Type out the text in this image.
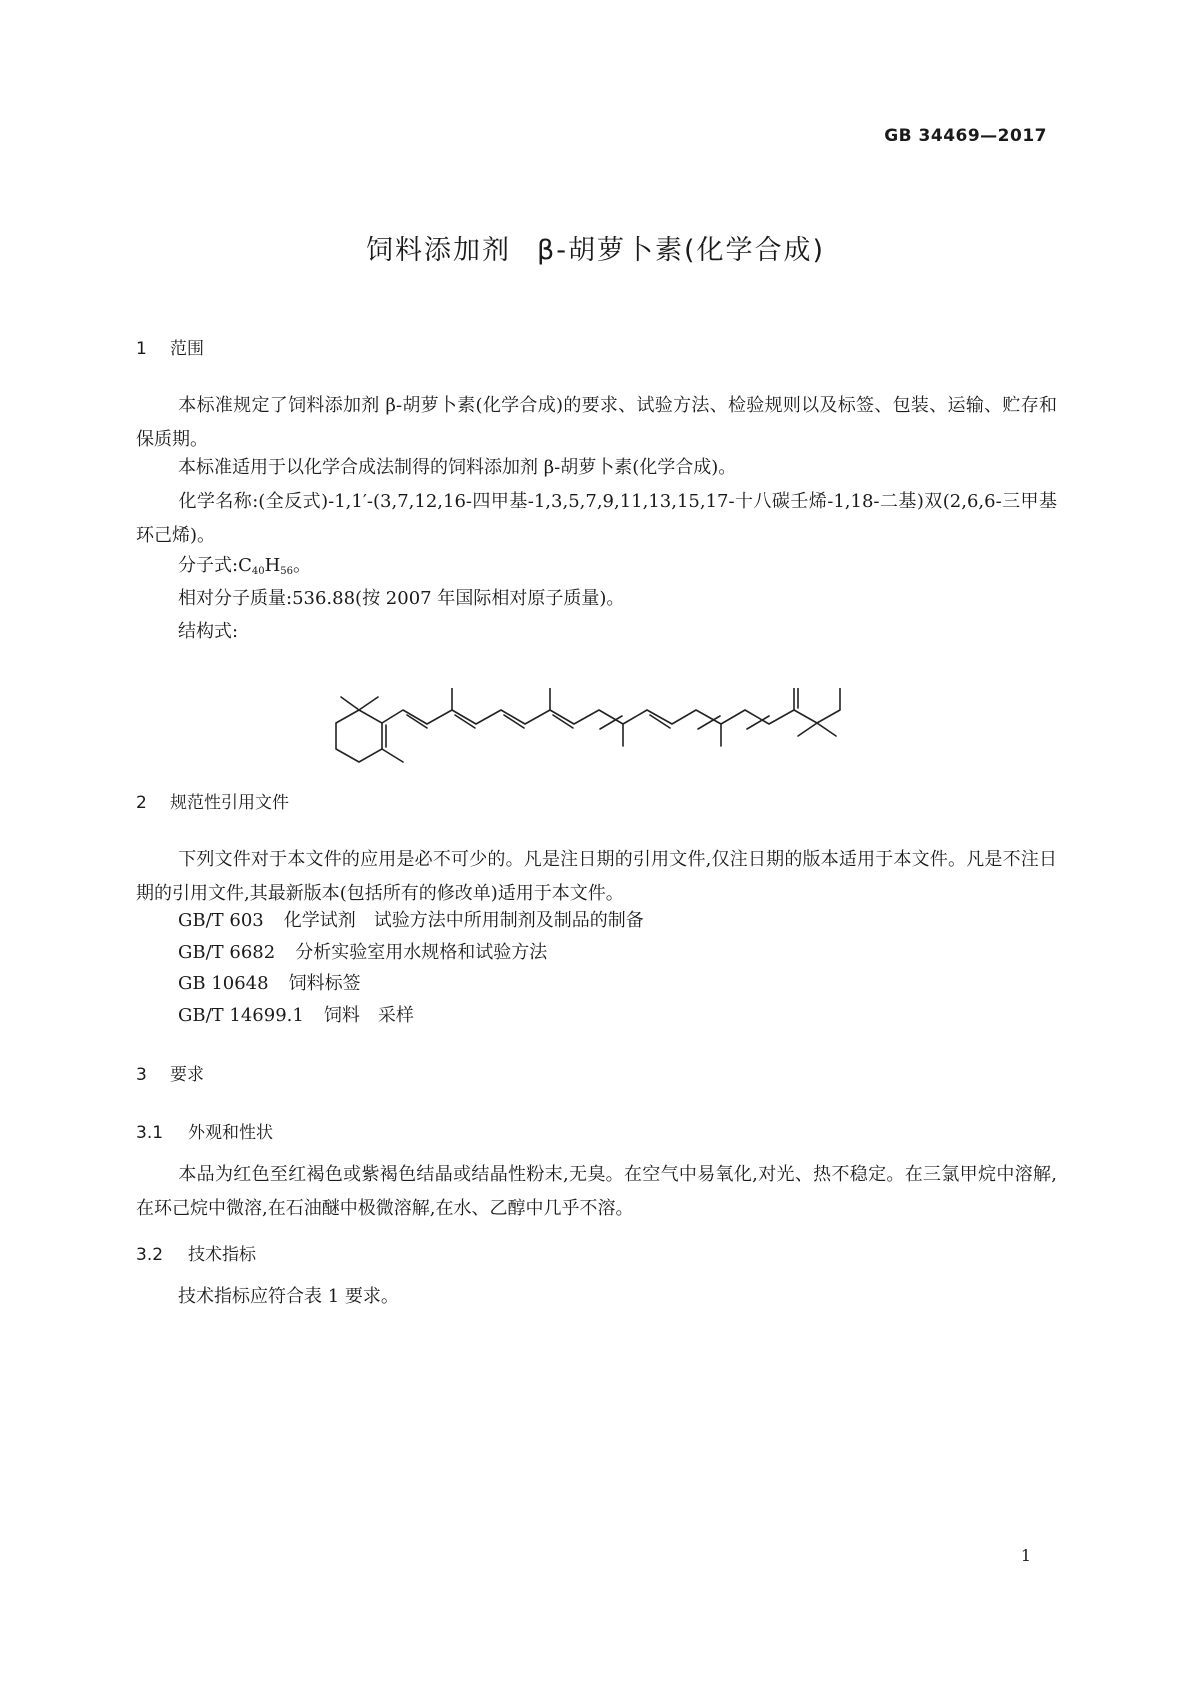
GB 34469—2017
饲料添加剂 β-胡萝卜素(化学合成)
1 范围
本标准规定了饲料添加剂 β-胡萝卜素(化学合成)的要求、试验方法、检验规则以及标签、包装、运输、贮存和保质期。
本标准适用于以化学合成法制得的饲料添加剂 β-胡萝卜素(化学合成)。
化学名称:(全反式)-1,1′-(3,7,12,16-四甲基-1,3,5,7,9,11,13,15,17-十八碳壬烯-1,18-二基)双(2,6,6-三甲基环己烯)。
分子式$:C_{40}H_{56}$。
相对分子质量:536.88(按 2007 年国际相对原子质量)。
结构式:
2 规范性引用文件
下列文件对于本文件的应用是必不可少的。凡是注日期的引用文件,仅注日期的版本适用于本文件。凡是不注日期的引用文件,其最新版本(包括所有的修改单)适用于本文件。
GB/T 603 化学试剂 试验方法中所用制剂及制品的制备
GB/T 6682 分析实验室用水规格和试验方法
GB 10648 饲料标签
GB/T 14699.1 饲料 采样
3 要求
3.1 外观和性状
本品为红色至红褐色或紫褐色结晶或结晶性粉末,无臭。在空气中易氧化,对光、热不稳定。在三氯甲烷中溶解,在环己烷中微溶,在石油醚中极微溶解,在水、乙醇中几乎不溶。
3.2 技术指标
技术指标应符合表 1 要求。
1
